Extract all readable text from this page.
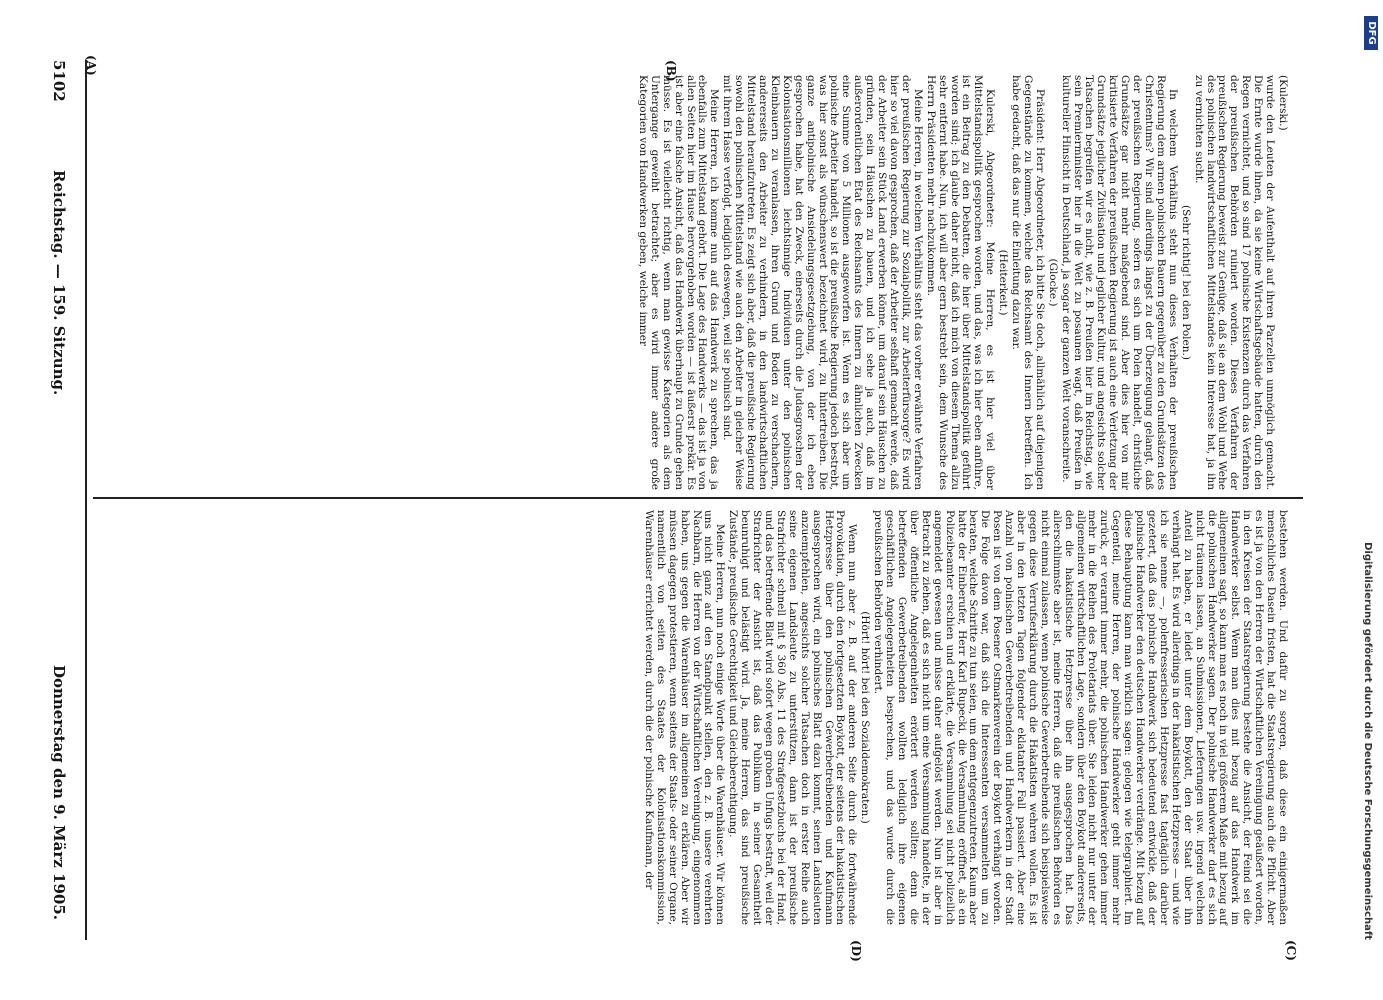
5102
Reichstag. — 159. Sitzung.
Donnerstag den 9. März 1905.
(A)	(B)
(C)
(D)

(Kulerski.)

wurde den Leuten der Aufenthalt auf ihren Parzellen unmöglich gemacht. Die Ernte wurde ihnen, da sie keine Wirtschaftsgebäude hatten, durch den Regen vernichtet, und so sind 17 polnische Existenzen durch das Verfahren der preußischen Behörden ruiniert worden. Dieses Verfahren der preußischen Regierung beweist zur Genüge, daß sie an dem Wohl und Wehe des polnischen landwirtschaftlichen Mittelstandes kein Interesse hat, ja ihn zu vernichten sucht.

(Sehr richtig! bei den Polen.)

In welchem Verhältnis steht nun dieses Verhalten der preußischen Regierung dem armen polnischen Bauern gegenüber zu den Grundsätzen des Christentums? Wir sind allerdings längst zu der Überzeugung gelangt, daß der preußischen Regierung, sofern es sich um Polen handelt, christliche Grundsätze gar nicht mehr maßgebend sind. Aber dies hier von mir kritisierte Verfahren der preußischen Regierung ist auch eine Verletzung der Grundsätze jeglicher Zivilisation und jeglicher Kultur, und angesichts solcher Tatsachen begreifen wir es nicht, wie z. B. Preußen hier im Reichstag, wie sein Premierminister hier in die Welt zu posaunen wagt, daß Preußen in kultureller Hinsicht in Deutschland, ja sogar der ganzen Welt voranschreite.

(Glocke.)

Präsident: Herr Abgeordneter, ich bitte Sie doch, allmählich auf diejenigen Gegenstände zu kommen, welche das Reichsamt des Innern betreffen. Ich habe gedacht, daß das nur die Einleitung dazu war.

(Heiterkeit.)

Kulerski, Abgeordneter: Meine Herren, es ist hier viel über Mittelstandspolitik gesprochen worden, und das, was ich hier eben anführe, ist ein Beitrag zu den Debatten, die hier über Mittelstandspolitik geführt worden sind; ich glaube daher nicht, daß ich mich von diesem Thema allzu sehr entfernt habe. Nun, ich will aber gern bestrebt sein, dem Wunsche des Herrn Präsidenten mehr nachzukommen.

Meine Herren, in welchem Verhältnis steht das vorher erwähnte Verfahren der preußischen Regierung zur Sozialpolitik, zur Arbeiterfürsorge? Es wird hier so viel davon gesprochen, daß der Arbeiter seßhaft gemacht werde, daß der Arbeiter sein Stück Land erwerben könne, um darauf sein Häuschen zu gründen, sein Häuschen zu bauen, und ich sehe ja auch, daß im außerordentlichen Etat des Reichsamts des Innern zu ähnlichen Zwecken eine Summe von 5 Millionen ausgeworfen ist. Wenn es sich aber um polnische Arbeiter handelt, so ist die preußische Regierung jedoch bestrebt, was hier sonst als wünschenswert bezeichnet wird, zu hintertreiben. Die ganze antipolnische Ansiedelungsgesetzgebung, von der ich eben gesprochen habe, hat den Zweck, einerseits durch die Judasgroschen der Kolonisationsmillionen leichtsinnige Individuen unter den polnischen Kleinbauern zu veranlassen, ihren Grund und Boden zu verschachern, andererseits den Arbeiter zu verhindern, in den landwirtschaftlichen Mittelstand heraufzutreten. Es zeigt sich aber, daß die preußische Regierung sowohl den polnischen Mittelstand wie auch den Arbeiter in gleicher Weise mit ihrem Hasse verfolgt, lediglich deswegen, weil sie polnisch sind.

Meine Herren, ich komme nun auf das Handwerk zu sprechen, das ja ebenfalls zum Mittelstand gehört. Die Lage des Handwerks — das ist ja von allen Seiten hier im Hause hervorgehoben worden — ist äußerst prekär. Es ist aber eine falsche Ansicht, daß das Handwerk überhaupt zu Grunde gehen müsse. Es ist vielleicht richtig, wenn man gewisse Kategorien als dem Untergange geweiht betrachtet; aber es wird immer andere große Kategorien von Handwerken geben, welche immer

bestehen werden. Und dafür zu sorgen, daß diese ein einigermaßen menschliches Dasein fristen, hat die Staatsregierung auch die Pflicht. Aber es ist ja von den Herren der Wirtschaftlichen Vereinigung geäußert worden, in den Kreisen der Staatsregierung bestehe die Ansicht, der Feind sei die Handwerker selbst. Wenn man dies mit bezug auf das Handwerk im allgemeinen sagt, so kann man es noch in viel größerem Maße mit bezug auf die polnischen Handwerker sagen. Der polnische Handwerker darf es sich nicht träumen lassen, an Submissionen, Lieferungen usw. irgend welchen Anteil zu haben, er leidet unter dem Boykott, den der Staat über ihn verhängt hat. Es wird allerdings in der hakatistischen Hetzpresse — und wie ich sie nenne —, polenfresserischen Hetzpresse fast tagtäglich darüber gezetert, daß das polnische Handwerk sich bedeutend entwickle, daß der polnische Handwerker den deutschen Handwerker verdränge. Mit bezug auf diese Behauptung kann man wirklich sagen: gelogen wie telegraphiert. Im Gegenteil, meine Herren, der polnische Handwerker geht immer mehr zurück, er verarmt immer mehr, die polnischen Handwerker gehen immer mehr in die Reihen des Proletariats über. Sie leiden nicht nur unter der allgemeinen wirtschaftlichen Lage, sondern über den Boykott andererseits, den die hakatistische Hetzpresse über ihn ausgesprochen hat. Das allerschlimmste aber ist, meine Herren, daß die preußischen Behörden es nicht einmal zulassen, wenn polnische Gewerbetreibende sich beispielsweise gegen diese Verrufserklärung durch die Hakatisten wehren wollen. Es ist aber in den letzten Tagen folgender eklatanter Fall passiert. Aber eine Anzahl von polnischen Gewerbetreibenden und Handwerkern in der Stadt Posen ist von dem Posener Ostmarkenverein der Boykott verhängt worden. Die Folge davon war, daß sich die Interessenten versammelten um zu beraten, welche Schritte zu tun seien, um dem entgegenzutreten. Kaum aber hatte der Einberufer, Herr Karl Rupecki, die Versammlung eröffnet, als ein Polizeibeamter erschien und erklärte, die Versammlung sei nicht polizeilich angemeldet gewesen und müsse daher aufgelöst werden. Nun ist aber in Betracht zu ziehen, daß es sich nicht um eine Versammlung handelte, in der über öffentliche Angelegenheiten erörtert werden sollten; denn die betreffenden Gewerbetreibenden wollten lediglich ihre eigenen geschäftlichen Angelegenheiten besprechen, und das wurde durch die preußischen Behörden verhindert.

(Hört! hört! bei den Sozialdemokraten.)

Wenn nun aber z. B. auf der anderen Seite durch die fortwährende Provokation, durch den fortgesetzten Boykott, der seitens der hakatistischen Hetzpresse über den polnischen Gewerbetreibenden und Kaufmann ausgesprochen wird, ein polnisches Blatt dazu kommt, seinen Landsleuten anzuempfehlen, angesichts solcher Tatsachen doch in erster Reihe auch seine eigenen Landsleute zu unterstützen, dann ist der preußische Strafrichter schnell mit § 360 Abs. 11 des Strafgesetzbuchs bei der Hand, und das betreffende Blatt wird sofort wegen groben Unfugs bestraft, weil der Strafrichter der Ansicht ist, daß das Publikum in seiner Gesamtheit beunruhigt und belästigt wird. Ja, meine Herren, das sind preußische Zustände, preußische Gerechtigkeit und Gleichberechtigung.

Meine Herren, nun noch einige Worte über die Warenhäuser. Wir können uns nicht ganz auf den Standpunkt stellen, den z. B. unsere verehrten Nachbarn, die Herren von der Wirtschaftlichen Vereinigung, eingenommen haben, uns gegen die Warenhäuser im allgemeinen zu erklären. Aber wir müssen dagegen protestieren, wenn seitens der Staats- oder seiner Organe, namentlich von seiten des Staates der Kolonisationskommission, Warenhäuser errichtet werden, durch die der polnische Kaufmann, der

DFG
Digitalisierung gefördert durch die Deutsche Forschungsgemeinschaft
